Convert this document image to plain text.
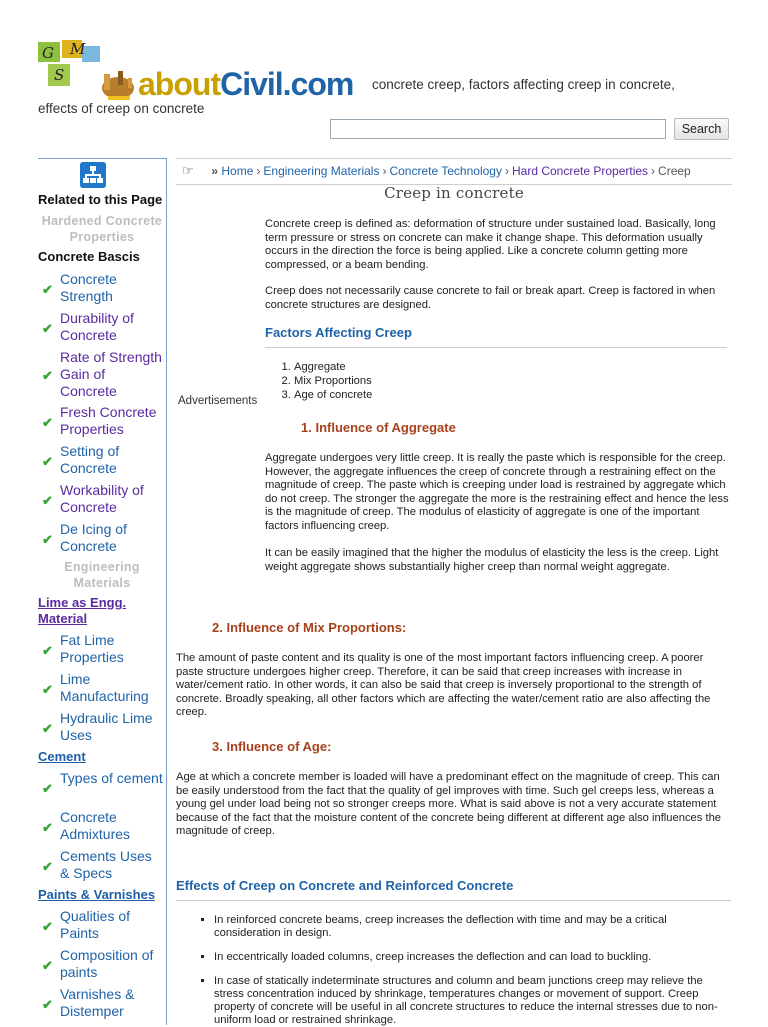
G M
S aboutCivil.com concrete creep, factors affecting creep in concrete,
effects of creep on concrete
Search
Related to this Page
Hardened Concrete Properties
Concrete Bascis
✔
Concrete Strength
✔
Durability of Concrete
✔
Rate of Strength Gain of Concrete
✔
Fresh Concrete Properties
✔
Setting of Concrete
✔
Workability of Concrete
✔
De Icing of Concrete
Engineering Materials
Lime as Engg. Material
✔
Fat Lime Properties
✔
Lime Manufacturing
✔
Hydraulic Lime Uses
Cement
✔
Types of cement
✔
Concrete Admixtures
✔
Cements Uses & Specs
Paints & Varnishes
✔
Qualities of Paints
✔
Composition of paints
✔
Varnishes & Distemper
☞ » Home › Engineering Materials › Concrete Technology › Hard Concrete Properties › Creep
Creep in concrete
Concrete creep is defined as: deformation of structure under sustained load. Basically, long term pressure or stress on concrete can make it change shape. This deformation usually occurs in the direction the force is being applied. Like a concrete column getting more compressed, or a beam bending.
Creep does not necessarily cause concrete to fail or break apart. Creep is factored in when concrete structures are designed.
Factors Affecting Creep
1. Aggregate
2. Mix Proportions
3. Age of concrete
Advertisements
1. Influence of Aggregate
Aggregate undergoes very little creep. It is really the paste which is responsible for the creep. However, the aggregate influences the creep of concrete through a restraining effect on the magnitude of creep. The paste which is creeping under load is restrained by aggregate which do not creep. The stronger the aggregate the more is the restraining effect and hence the less is the magnitude of creep. The modulus of elasticity of aggregate is one of the important factors influencing creep.
It can be easily imagined that the higher the modulus of elasticity the less is the creep. Light weight aggregate shows substantially higher creep than normal weight aggregate.
2. Influence of Mix Proportions:
The amount of paste content and its quality is one of the most important factors influencing creep. A poorer paste structure undergoes higher creep. Therefore, it can be said that creep increases with increase in water/cement ratio. In other words, it can also be said that creep is inversely proportional to the strength of concrete. Broadly speaking, all other factors which are affecting the water/cement ratio are also affecting the creep.
3. Influence of Age:
Age at which a concrete member is loaded will have a predominant effect on the magnitude of creep. This can be easily understood from the fact that the quality of gel improves with time. Such gel creeps less, whereas a young gel under load being not so stronger creeps more. What is said above is not a very accurate statement because of the fact that the moisture content of the concrete being different at different age also influences the magnitude of creep.
Effects of Creep on Concrete and Reinforced Concrete
▪ In reinforced concrete beams, creep increases the deflection with time and may be a critical consideration in design.
▪ In eccentrically loaded columns, creep increases the deflection and can load to buckling.
▪ In case of statically indeterminate structures and column and beam junctions creep may relieve the stress concentration induced by shrinkage, temperatures changes or movement of support. Creep property of concrete will be useful in all concrete structures to reduce the internal stresses due to non-uniform load or restrained shrinkage.
